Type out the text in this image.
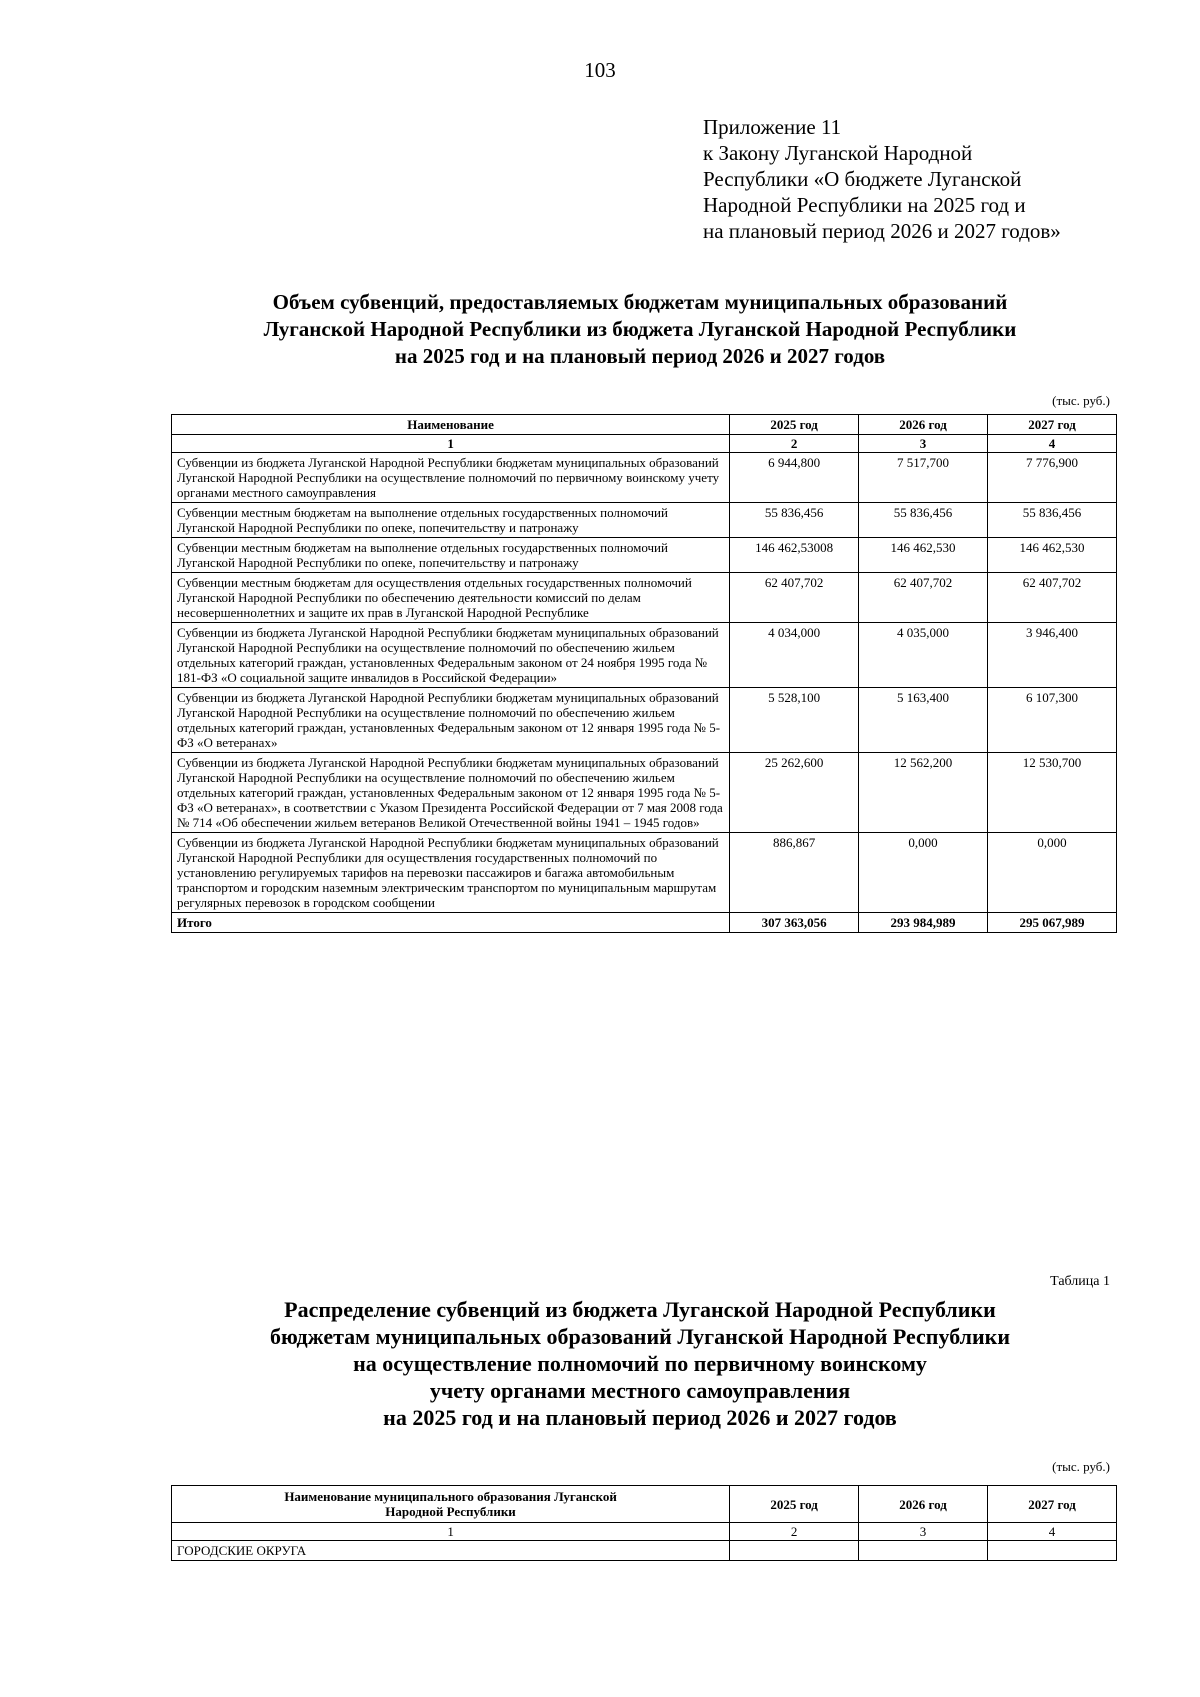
103
Приложение 11
к Закону Луганской Народной
Республики «О бюджете Луганской
Народной Республики на 2025 год и
на плановый период 2026 и 2027 годов»
Объем субвенций, предоставляемых бюджетам муниципальных образований
Луганской Народной Республики из бюджета Луганской Народной Республики
на 2025 год и на плановый период 2026 и 2027 годов
(тыс. руб.)
Наименование	2025 год	2026 год	2027 год
1	2	3	4
Субвенции из бюджета Луганской Народной Республики бюджетам муниципальных образований Луганской Народной Республики на осуществление полномочий по первичному воинскому учету органами местного самоуправления	6 944,800	7 517,700	7 776,900
Субвенции местным бюджетам на выполнение отдельных государственных полномочий Луганской Народной Республики по опеке, попечительству и патронажу	55 836,456	55 836,456	55 836,456
Субвенции местным бюджетам на выполнение отдельных государственных полномочий Луганской Народной Республики по опеке, попечительству и патронажу	146 462,53008	146 462,530	146 462,530
Субвенции местным бюджетам для осуществления отдельных государственных полномочий Луганской Народной Республики по обеспечению деятельности комиссий по делам несовершеннолетних и защите их прав в Луганской Народной Республике	62 407,702	62 407,702	62 407,702
Субвенции из бюджета Луганской Народной Республики бюджетам муниципальных образований Луганской Народной Республики на осуществление полномочий по обеспечению жильем отдельных категорий граждан, установленных Федеральным законом от 24 ноября 1995 года № 181-ФЗ «О социальной защите инвалидов в Российской Федерации»	4 034,000	4 035,000	3 946,400
Субвенции из бюджета Луганской Народной Республики бюджетам муниципальных образований Луганской Народной Республики на осуществление полномочий по обеспечению жильем отдельных категорий граждан, установленных Федеральным законом от 12 января 1995 года № 5-ФЗ «О ветеранах»	5 528,100	5 163,400	6 107,300
Субвенции из бюджета Луганской Народной Республики бюджетам муниципальных образований Луганской Народной Республики на осуществление полномочий по обеспечению жильем отдельных категорий граждан, установленных Федеральным законом от 12 января 1995 года № 5-ФЗ «О ветеранах», в соответствии с Указом Президента Российской Федерации от 7 мая 2008 года № 714 «Об обеспечении жильем ветеранов Великой Отечественной войны 1941 – 1945 годов»	25 262,600	12 562,200	12 530,700
Субвенции из бюджета Луганской Народной Республики бюджетам муниципальных образований Луганской Народной Республики для осуществления государственных полномочий по установлению регулируемых тарифов на перевозки пассажиров и багажа автомобильным транспортом и городским наземным электрическим транспортом по муниципальным маршрутам регулярных перевозок в городском сообщении	886,867	0,000	0,000
Итого	307 363,056	293 984,989	295 067,989
Таблица 1
Распределение субвенций из бюджета Луганской Народной Республики
бюджетам муниципальных образований Луганской Народной Республики
на осуществление полномочий по первичному воинскому
учету органами местного самоуправления
на 2025 год и на плановый период 2026 и 2027 годов
(тыс. руб.)
Наименование муниципального образования Луганской Народной Республики	2025 год	2026 год	2027 год
1	2	3	4
ГОРОДСКИЕ ОКРУГА			
